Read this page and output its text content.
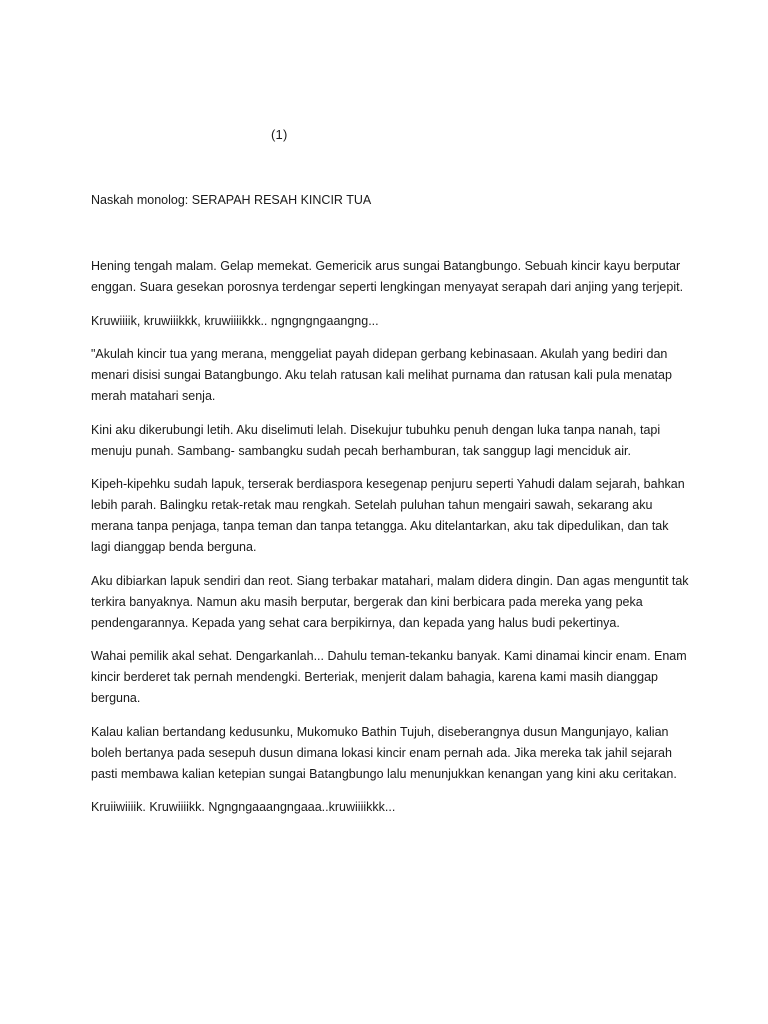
(1)
Naskah monolog: SERAPAH RESAH KINCIR TUA

Hening tengah malam. Gelap memekat. Gemericik arus sungai Batangbungo. Sebuah kincir kayu berputar enggan. Suara gesekan porosnya terdengar seperti lengkingan menyayat serapah dari anjing yang terjepit.

Kruwiiiik, kruwiiikkk, kruwiiiikkk.. ngngngngaangng...

"Akulah kincir tua yang merana, menggeliat payah didepan gerbang kebinasaan. Akulah yang bediri dan menari disisi sungai Batangbungo. Aku telah ratusan kali melihat purnama dan ratusan kali pula menatap merah matahari senja.

Kini aku dikerubungi letih. Aku diselimuti lelah. Disekujur tubuhku penuh dengan luka tanpa nanah, tapi menuju punah. Sambang- sambangku sudah pecah berhamburan, tak sanggup lagi menciduk air.

Kipeh-kipehku sudah lapuk, terserak berdiaspora kesegenap penjuru seperti Yahudi dalam sejarah, bahkan lebih parah. Balingku retak-retak mau rengkah. Setelah puluhan tahun mengairi sawah, sekarang aku merana tanpa penjaga, tanpa teman dan tanpa tetangga. Aku ditelantarkan, aku tak dipedulikan, dan tak lagi dianggap benda berguna.

Aku dibiarkan lapuk sendiri dan reot. Siang terbakar matahari, malam didera dingin. Dan agas menguntit tak terkira banyaknya. Namun aku masih berputar, bergerak dan kini berbicara pada mereka yang peka pendengarannya. Kepada yang sehat cara berpikirnya, dan kepada yang halus budi pekertinya.

Wahai pemilik akal sehat. Dengarkanlah... Dahulu teman-tekanku banyak. Kami dinamai kincir enam. Enam kincir berderet tak pernah mendengki. Berteriak, menjerit dalam bahagia, karena kami masih dianggap berguna.

Kalau kalian bertandang kedusunku, Mukomuko Bathin Tujuh, diseberangnya dusun Mangunjayo, kalian boleh bertanya pada sesepuh dusun dimana lokasi kincir enam pernah ada. Jika mereka tak jahil sejarah pasti membawa kalian ketepian sungai Batangbungo lalu menunjukkan kenangan yang kini aku ceritakan.

Kruiiwiiiik. Kruwiiiikk. Ngngngaaangngaaa..kruwiiiikkk...
